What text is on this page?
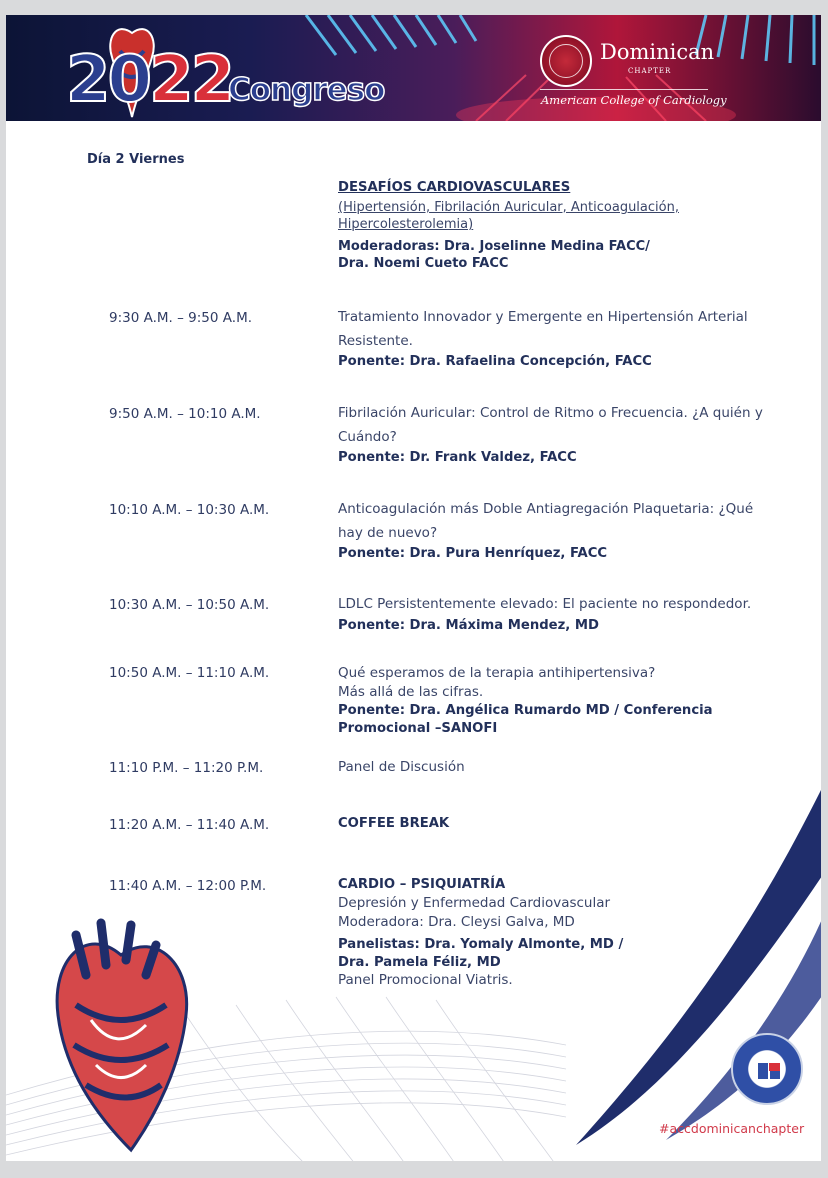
2022
Congreso
Dominican
CHAPTER
American College of Cardiology
#accdominicanchapter
Día 2 Viernes
DESAFÍOS CARDIOVASCULARES
(Hipertensión, Fibrilación Auricular, Anticoagulación, Hipercolesterolemia)
Moderadoras: Dra. Joselinne Medina FACC/
Dra. Noemi Cueto FACC
9:30 A.M. – 9:50 A.M.	Tratamiento Innovador y Emergente en Hipertensión Arterial Resistente.
Ponente: Dra. Rafaelina Concepción, FACC
9:50 A.M. – 10:10 A.M.	Fibrilación Auricular: Control de Ritmo o Frecuencia. ¿A quién y Cuándo?
Ponente: Dr. Frank Valdez, FACC
10:10 A.M. – 10:30 A.M.	Anticoagulación más Doble Antiagregación Plaquetaria: ¿Qué hay de nuevo?
Ponente: Dra. Pura Henríquez, FACC
10:30 A.M. – 10:50 A.M.	LDLC Persistentemente elevado: El paciente no respondedor.
Ponente: Dra. Máxima Mendez, MD
10:50 A.M. – 11:10 A.M.	Qué esperamos de la terapia antihipertensiva?
Más allá de las cifras.
Ponente: Dra. Angélica Rumardo MD / Conferencia
Promocional –SANOFI
11:10 P.M. – 11:20 P.M.	Panel de Discusión
11:20 A.M. – 11:40 A.M.	COFFEE BREAK
11:40 A.M. – 12:00 P.M.	CARDIO – PSIQUIATRÍA
Depresión y Enfermedad Cardiovascular
Moderadora: Dra. Cleysi Galva, MD
Panelistas: Dra. Yomaly Almonte, MD /
Dra. Pamela Féliz, MD
Panel Promocional Viatris.
